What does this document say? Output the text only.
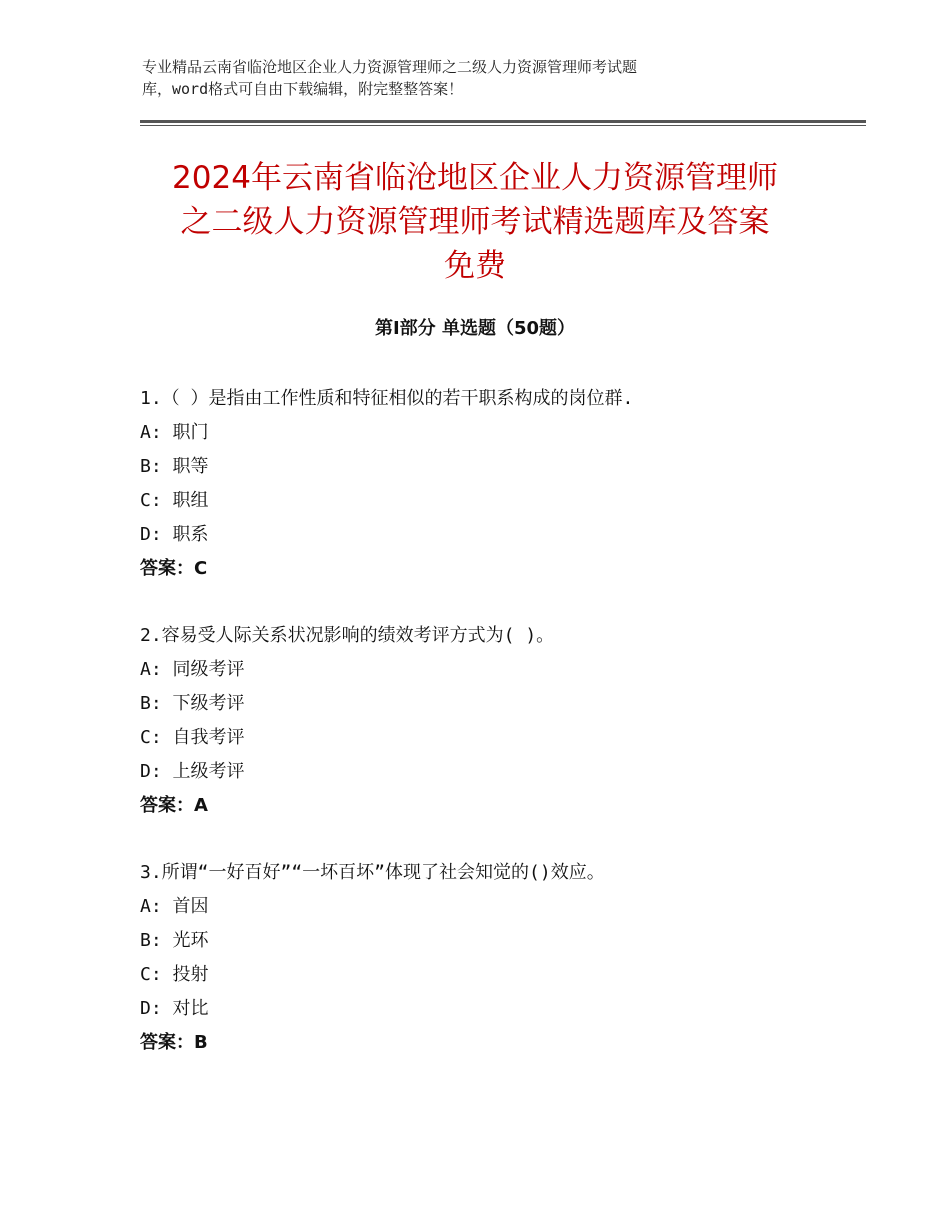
专业精品云南省临沧地区企业人力资源管理师之二级人力资源管理师考试题
库，word格式可自由下载编辑，附完整整答案！
2024年云南省临沧地区企业人力资源管理师
之二级人力资源管理师考试精选题库及答案
免费
第Ⅰ部分 单选题（50题）
1.（ ）是指由工作性质和特征相似的若干职系构成的岗位群.
A: 职门
B: 职等
C: 职组
D: 职系
答案：C
2.容易受人际关系状况影响的绩效考评方式为( )。
A: 同级考评
B: 下级考评
C: 自我考评
D: 上级考评
答案：A
3.所谓“一好百好”“一坏百坏”体现了社会知觉的()效应。
A: 首因
B: 光环
C: 投射
D: 对比
答案：B
